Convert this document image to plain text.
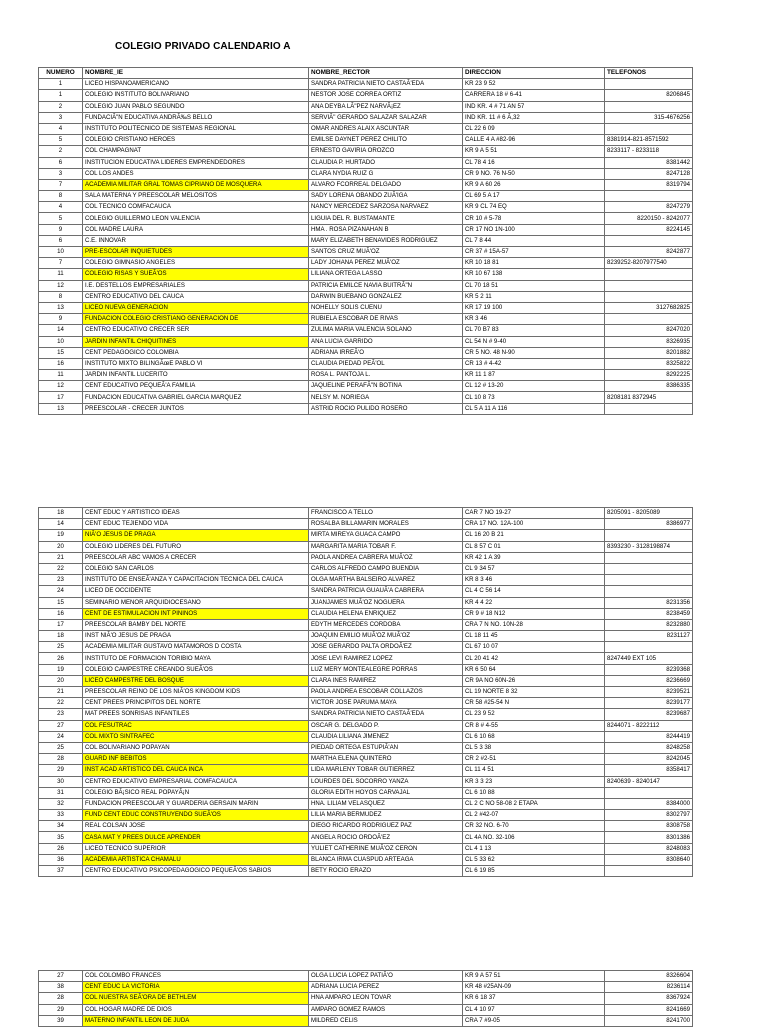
COLEGIO PRIVADO CALENDARIO A
NUMERO	NOMBRE_IE	NOMBRE_RECTOR	DIRECCION	TELEFONOS
1	LICEO HISPANOAMERICANO	SANDRA PATRICIA NIETO CASTAÃ'EDA	KR 23 9 52	
1	COLEGIO INSTITUTO BOLIVARIANO	NESTOR JOSE CORREA ORTIZ	CARRERA 18 # 6-41	8206845
2	COLEGIO JUAN PABLO SEGUNDO	ANA DEYBA LÃ"PEZ NARVÃ¡EZ	IND KR. 4 # 71 AN 57	
3	FUNDACIÃ"N EDUCATIVA ANDRÃ‰S BELLO	SERVIÃ" GERARDO SALAZAR SALAZAR	IND KR. 11 # 6 Ã,32	315-4676256
4	INSTITUTO POLITECNICO DE SISTEMAS REGIONAL	OMAR ANDRES ALAIX ASCUNTAR	CL 22 6 09	
5	COLEGIO CRISTIANO HEROES	EMILSE DAYNET PEREZ CHILITO	CALLE 4 A #82-96	8381914-821-8571592
2	COL CHAMPAGNAT	ERNESTO GAVIRIA OROZCO	KR 9 A 5 51	8233117 - 8233118
6	INSTITUCION EDUCATIVA LIDERES EMPRENDEDORES	CLAUDIA P. HURTADO	CL 78 4 16	8381442
3	COL LOS ANDES	CLARA NYDIA RUIZ G	CR 9 NO. 76 N-50	8247128
7	ACADEMIA MILITAR GRAL TOMAS CIPRIANO DE MOSQUERA	ALVARO FCORREAL DELGADO	KR 9 A 60 26	8319794
8	SALA MATERNA Y PREESCOLAR MELOSITOS	SADY LORENA OBANDO ZUÃ'IGA	CL 69 5 A 17	
4	COL TECNICO COMFACAUCA	NANCY MERCEDEZ SARZOSA NARVAEZ	KR 9 CL 74 EQ	8247279
5	COLEGIO GUILLERMO LEON VALENCIA	LIGUIA DEL R. BUSTAMANTE	CR 10 # 5-78	8220150 - 8242077
9	COL MADRE LAURA	HMA . ROSA PIZANAHAN B	CR 17 NO 1N-100	8224145
6	C.E. INNOVAR	MARY ELIZABETH BENAVIDES RODRIGUEZ	CL 7 8 44	
10	PRE-ESCOLAR INQUIETUDES	SANTOS CRUZ MUÃ'OZ	CR 37 # 15A-57	8242877
7	COLEGIO GIMNASIO ANGELES	LADY JOHANA PEREZ MUÃ'OZ	KR 10 18 81	8239252-8207977540
11	COLEGIO RISAS Y SUEÃ'OS	LILIANA ORTEGA LASSO	KR 10 67 138	
12	I.E. DESTELLOS EMPRESARIALES	PATRICIA EMILCE NAVIA BUITRÃ"N	CL 70 18 51	
8	CENTRO EDUCATIVO DEL CAUCA	DARWIN BUEBANO GONZALEZ	KR 5 2 11	
13	LICEO NUEVA GENERACION	NOHELLY SOLIS CUENU	KR 17 19 100	3127682825
9	FUNDACION COLEGIO CRISTIANO GENERACION DE	RUBIELA ESCOBAR DE RIVAS	KR 3 46	
14	CENTRO EDUCATIVO CRECER SER	ZULIMA MARIA VALENCIA SOLANO	CL 70 B7 83	8247020
10	JARDIN INFANTIL CHIQUITINES	ANA LUCIA GARRIDO	CL 54 N # 9-40	8326935
15	CENT PEDAGOGICO COLOMBIA	ADRIANA IRREÃ'O	CR 5 NO. 48 N-90	8201882
16	INSTITUTO MIXTO BILINGÃœE PABLO VI	CLAUDIA PIEDAD PEÃ'OL	CR 13 # 4-42	8325822
11	JARDIN INFANTIL LUCERITO	ROSA L. PANTOJA L.	KR 11 1 87	8292225
12	CENT EDUCATIVO PEQUEÃ'A FAMILIA	JAQUELINE PERAFÃ"N BOTINA	CL 12 # 13-20	8386335
17	FUNDACION EDUCATIVA GABRIEL GARCIA MARQUEZ	NELSY M. NORIEGA	CL 10 8 73	8208181 8372945
13	PREESCOLAR - CRECER JUNTOS	ASTRID ROCIO PULIDO ROSERO	CL 5 A 11 A 116	
18	CENT EDUC Y ARTISTICO IDEAS	FRANCISCO A TELLO	CAR 7 NO 19-27	8205091 - 8205089
14	CENT EDUC TEJIENDO VIDA	ROSALBA BILLAMARIN MORALES	CRA 17 NO. 12A-100	8386977
19	NIÃ'O JESUS DE PRAGA	MIRTA MIREYA GUACA CAMPO	CL 16 20 B 21	
20	COLEGIO LIDERES DEL FUTURO	MARGARITA MARIA TOBAR F.	CL 8 57 C 01	8393230 - 3128198874
21	PREESCOLAR ABC VAMOS A CRECER	PAOLA ANDREA CABRERA MUÃ'OZ	KR 42 1 A 39	
22	COLEGIO SAN CARLOS	CARLOS ALFREDO CAMPO BUENDIA	CL 9 34 57	
23	INSTITUTO DE ENSEÃ'ANZA Y CAPACITACION TECNICA DEL CAUCA	OLGA MARTHA BALSEIRO ALVAREZ	KR 8 3 46	
24	LICEO DE OCCIDENTE	SANDRA PATRICIA GUAUÃ'A CABRERA	CL 4 C 56 14	
15	SEMINARIO MENOR ARQUIDIOCESANO	JUANJAMES MUÃ'OZ NOGUERA	KR 4 4 22	8231356
16	CENT DE ESTIMULACION INT PININOS	CLAUDIA HELENA ENRIQUEZ	CR 9 # 18 N12	8238459
17	PREESCOLAR BAMBY DEL NORTE	EDYTH MERCEDES CORDOBA	CRA 7 N NO. 10N-28	8232880
18	INST NIÃ'O JESUS DE PRAGA	JOAQUIN EMILIO MUÃ'OZ MUÃ'OZ	CL 18 11 45	8231127
25	ACADEMIA MILITAR GUSTAVO MATAMOROS D COSTA	JOSE GERARDO PALTA ORDOÃ'EZ	CL 67 10 07	
26	INSTITUTO DE FORMACION TORIBIO MAYA	JOSE LEVI RAMIREZ LOPEZ	CL 20 41 42	8247449 EXT 105
19	COLEGIO CAMPESTRE CREANDO SUEÃ'OS	LUZ MERY MONTEALEGRE PORRAS	KR 6 50 64	8239368
20	LICEO CAMPESTRE DEL BOSQUE	CLARA INES RAMIREZ	CR 9A NO 60N-26	8236669
21	PREESCOLAR REINO DE LOS NIÃ'OS KINGDOM KIDS	PAOLA ANDREA ESCOBAR COLLAZOS	CL 19 NORTE 8 32	8239521
22	CENT PREES PRINCIPITOS DEL NORTE	VICTOR JOSE PARUMA MAYA	CR 58 #25-54 N	8239177
23	MAT PREES SONRISAS INFANTILES	SANDRA PATRICIA NIETO CASTAÃ'EDA	CL 23 9 52	8239687
27	COL FESUTRAC	OSCAR G. DELGADO P.	CR 8 # 4-55	8244071 - 8222112
24	COL MIXTO SINTRAFEC	CLAUDIA LILIANA JIMENEZ	CL 6 10 68	8244419
25	COL BOLIVARIANO POPAYAN	PIEDAD ORTEGA ESTUPIÃ'AN	CL 5 3 38	8248258
28	GUARD INF BEBITOS	MARTHA ELENA QUINTERO	CR 2 #2-51	8242045
29	INST ACAD ARTISTICO DEL CAUCA INCA	LIDA MARLENY TOBAR GUTIERREZ	CL 11 4 51	8358417
30	CENTRO EDUCATIVO EMPRESARIAL COMFACAUCA	LOURDES DEL SOCORRO YANZA	KR 3 3 23	8240639 - 8240147
31	COLEGIO BÃ¡SICO REAL POPAYÃ¡N	GLORIA EDITH HOYOS CARVAJAL	CL 6 10 88	
32	FUNDACION PREESCOLAR Y GUARDERIA GERSAIN MARIN	HNA. LILIAM VELASQUEZ	CL 2 C NO 58-08 2 ETAPA	8384000
33	FUND CENT EDUC CONSTRUYENDO SUEÃ'OS	LILIA MARIA BERMUDEZ	CL 2 #42-07	8302797
34	REAL COLSAN JOSE	DIEGO RICARDO RODRIGUEZ PAZ	CR 32 NO. 6-70	8308758
35	CASA MAT Y PREES DULCE APRENDER	ANGELA ROCIO ORDOÃ'EZ	CL 4A NO. 32-106	8301386
26	LICEO TECNICO SUPERIOR	YULIET CATHERINE MUÃ'OZ CERON	CL 4 1 13	8248083
36	ACADEMIA ARTISTICA CHAMALU	BLANCA IRMA CUASPUD ARTEAGA	CL 5 33 62	8308640
37	CENTRO EDUCATIVO PSICOPEDAGOGICO PEQUEÃ'OS SABIOS	BETY ROCIO ERAZO	CL 6 19 85	
27	COL COLOMBO FRANCES	OLGA LUCIA LOPEZ PATIÃ'O	KR 9 A 57 51	8326604
38	CENT EDUC LA VICTORIA	ADRIANA LUCIA PEREZ	KR 48 #25AN-09	8236114
28	COL NUESTRA SEÃ'ORA DE BETHLEM	HNA AMPARO LEON TOVAR	KR 6 18 37	8367924
29	COL HOGAR MADRE DE DIOS	AMPARO GOMEZ RAMOS	CL 4 10 97	8241669
39	MATERNO INFANTIL LEON DE JUDA	MILDRED CELIS	CRA 7 #9-05	8241700
